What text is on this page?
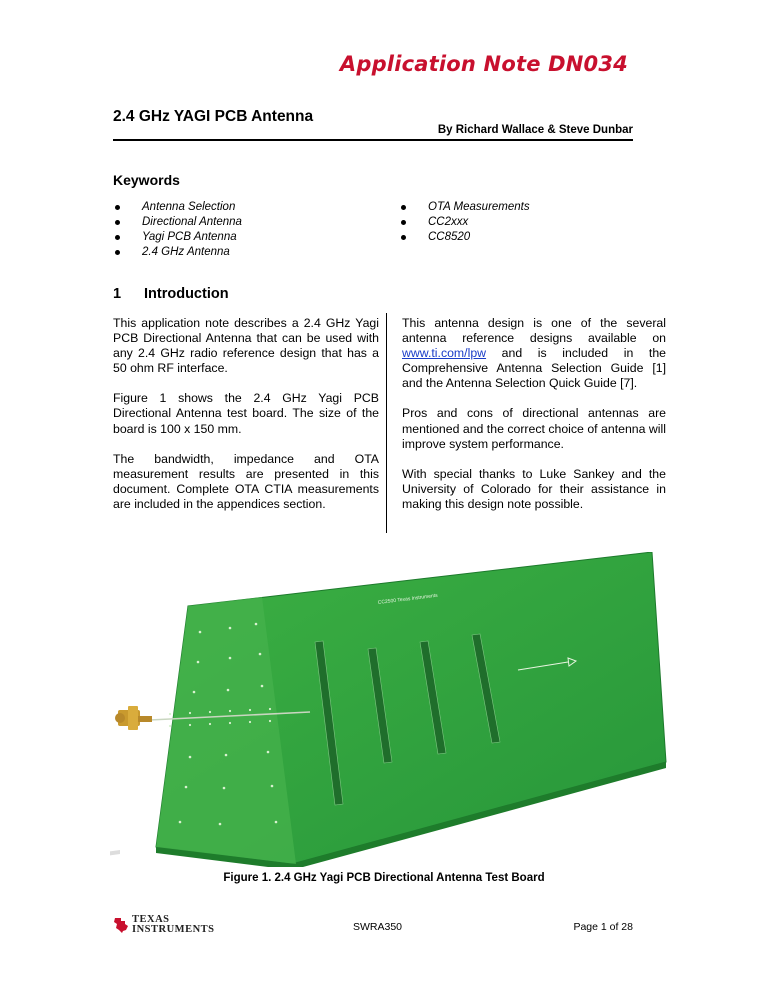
Application Note DN034
2.4 GHz YAGI PCB Antenna
By Richard Wallace & Steve Dunbar
Keywords
Antenna Selection
Directional Antenna
Yagi PCB Antenna
2.4 GHz Antenna
OTA Measurements
CC2xxx
CC8520
1 Introduction

This application note describes a 2.4 GHz Yagi PCB Directional Antenna that can be used with any 2.4 GHz radio reference design that has a 50 ohm RF interface.

Figure 1 shows the 2.4 GHz Yagi PCB Directional Antenna test board. The size of the board is 100 x 150 mm.

The bandwidth, impedance and OTA measurement results are presented in this document. Complete OTA CTIA measurements are included in the appendices section.

This antenna design is one of the several antenna reference designs available on www.ti.com/lpw and is included in the Comprehensive Antenna Selection Guide [1] and the Antenna Selection Quick Guide [7].

Pros and cons of directional antennas are mentioned and the correct choice of antenna will improve system performance.

With special thanks to Luke Sankey and the University of Colorado for their assistance in making this design note possible.

CC2500 Texas Instruments
Figure 1. 2.4 GHz Yagi PCB Directional Antenna Test Board
TEXAS
INSTRUMENTS	SWRA350	Page 1 of 28
